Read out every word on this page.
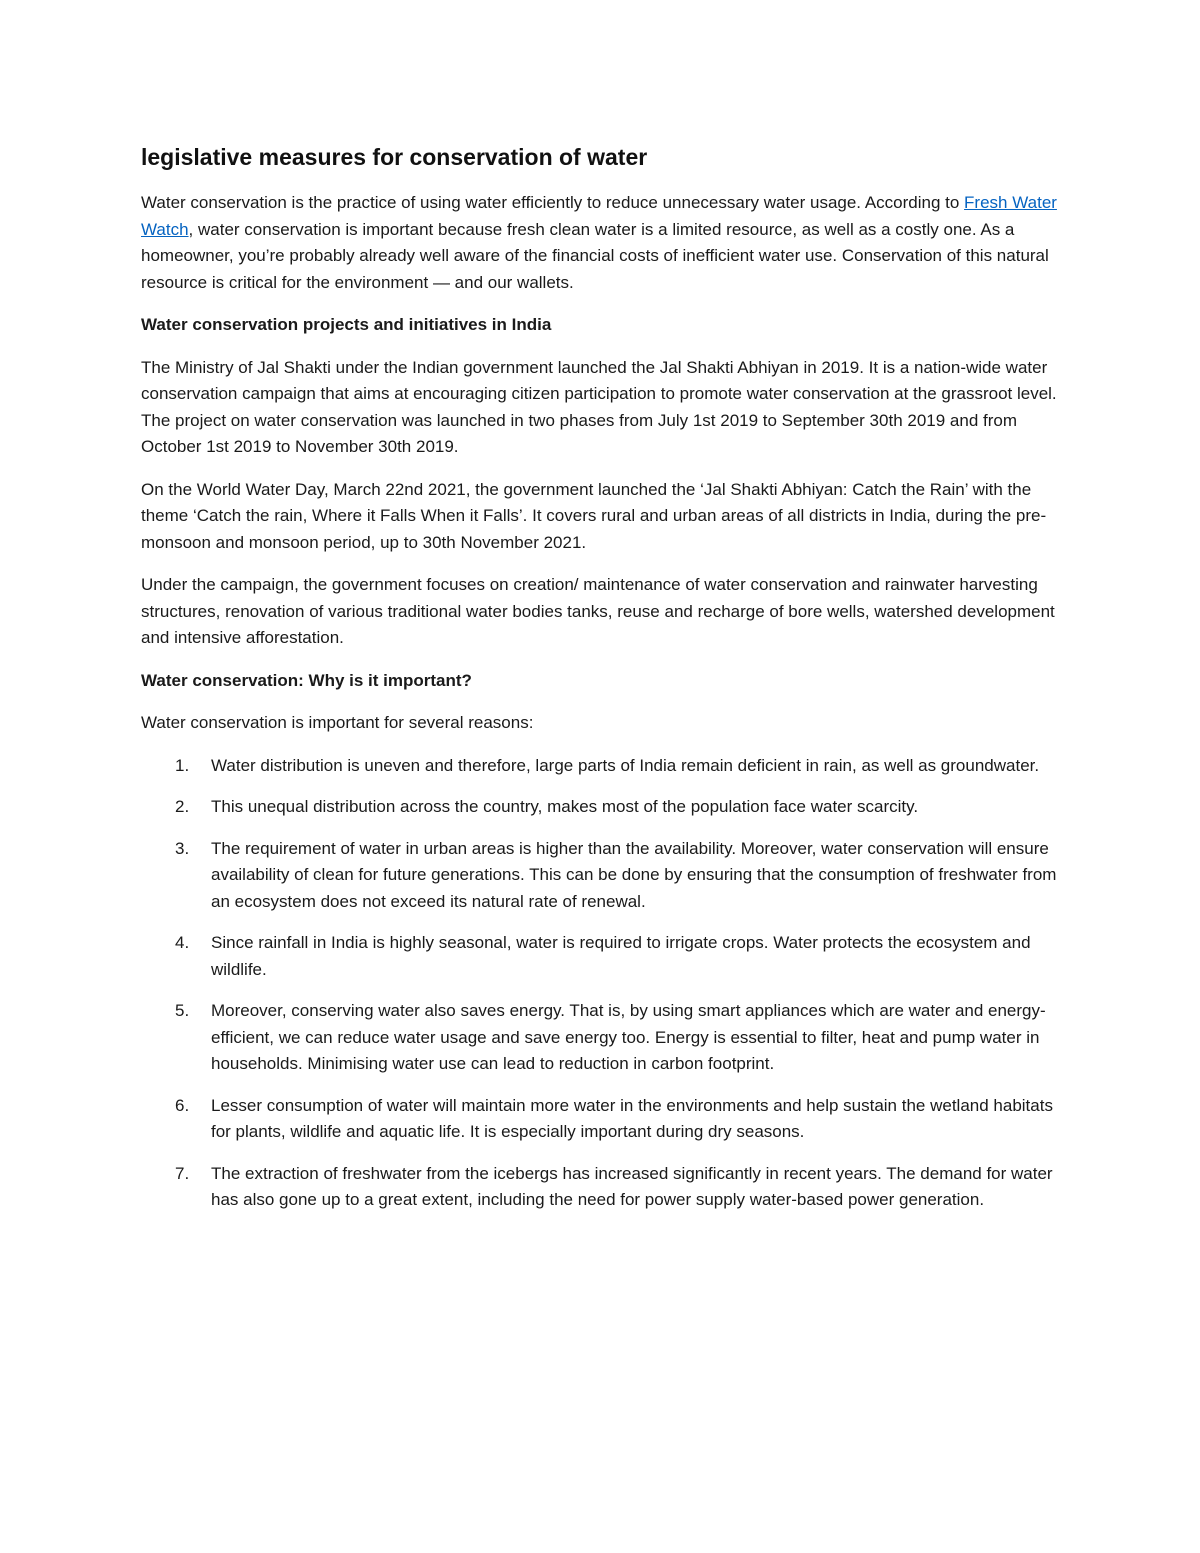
legislative measures for conservation of water

Water conservation is the practice of using water efficiently to reduce unnecessary water usage. According to Fresh Water Watch, water conservation is important because fresh clean water is a limited resource, as well as a costly one. As a homeowner, you’re probably already well aware of the financial costs of inefficient water use. Conservation of this natural resource is critical for the environment — and our wallets.

Water conservation projects and initiatives in India

The Ministry of Jal Shakti under the Indian government launched the Jal Shakti Abhiyan in 2019. It is a nation-wide water conservation campaign that aims at encouraging citizen participation to promote water conservation at the grassroot level. The project on water conservation was launched in two phases from July 1st 2019 to September 30th 2019 and from October 1st 2019 to November 30th 2019.

On the World Water Day, March 22nd 2021, the government launched the ‘Jal Shakti Abhiyan: Catch the Rain’ with the theme ‘Catch the rain, Where it Falls When it Falls’. It covers rural and urban areas of all districts in India, during the pre-monsoon and monsoon period, up to 30th November 2021.

Under the campaign, the government focuses on creation/ maintenance of water conservation and rainwater harvesting structures, renovation of various traditional water bodies tanks, reuse and recharge of bore wells, watershed development and intensive afforestation.

Water conservation: Why is it important?

Water conservation is important for several reasons:

1. Water distribution is uneven and therefore, large parts of India remain deficient in rain, as well as groundwater.
2. This unequal distribution across the country, makes most of the population face water scarcity.
3. The requirement of water in urban areas is higher than the availability. Moreover, water conservation will ensure availability of clean for future generations. This can be done by ensuring that the consumption of freshwater from an ecosystem does not exceed its natural rate of renewal.
4. Since rainfall in India is highly seasonal, water is required to irrigate crops. Water protects the ecosystem and wildlife.
5. Moreover, conserving water also saves energy. That is, by using smart appliances which are water and energy-efficient, we can reduce water usage and save energy too. Energy is essential to filter, heat and pump water in households. Minimising water use can lead to reduction in carbon footprint.
6. Lesser consumption of water will maintain more water in the environments and help sustain the wetland habitats for plants, wildlife and aquatic life. It is especially important during dry seasons.
7. The extraction of freshwater from the icebergs has increased significantly in recent years. The demand for water has also gone up to a great extent, including the need for power supply water-based power generation.
